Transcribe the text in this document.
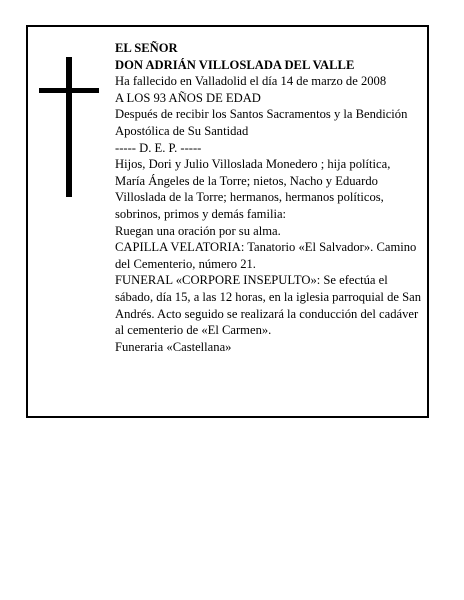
EL SEÑOR

DON ADRIÁN VILLOSLADA DEL VALLE

Ha fallecido en Valladolid el día 14 de marzo de 2008

A LOS 93 AÑOS DE EDAD

Después de recibir los Santos Sacramentos y la Bendición Apostólica de Su Santidad

----- D. E. P. -----

Hijos, Dori y Julio Villoslada Monedero ; hija política, María Ángeles de la Torre; nietos, Nacho y Eduardo Villoslada de la Torre; hermanos, hermanos políticos, sobrinos, primos y demás familia:

Ruegan una oración por su alma.

CAPILLA VELATORIA: Tanatorio «El Salvador». Camino del Cementerio, número 21.

FUNERAL «CORPORE INSEPULTO»: Se efectúa el sábado, día 15, a las 12 horas, en la iglesia parroquial de San Andrés. Acto seguido se realizará la conducción del cadáver al cementerio de «El Carmen».

Funeraria «Castellana»
